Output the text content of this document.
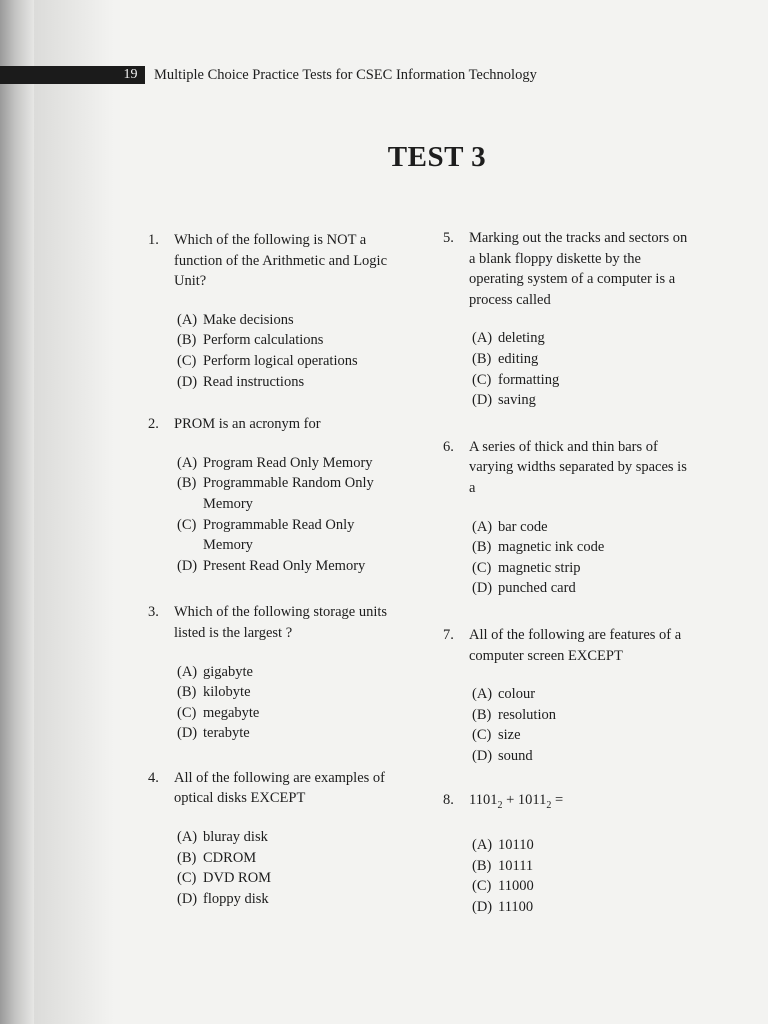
19	Multiple Choice Practice Tests for CSEC Information Technology
TEST 3
1. Which of the following is NOT a function of the Arithmetic and Logic Unit?
(A) Make decisions
(B) Perform calculations
(C) Perform logical operations
(D) Read instructions
2. PROM is an acronym for
(A) Program Read Only Memory
(B) Programmable Random Only Memory
(C) Programmable Read Only Memory
(D) Present Read Only Memory
3. Which of the following storage units listed is the largest ?
(A) gigabyte
(B) kilobyte
(C) megabyte
(D) terabyte
4. All of the following are examples of optical disks EXCEPT
(A) bluray disk
(B) CDROM
(C) DVD ROM
(D) floppy disk
5. Marking out the tracks and sectors on a blank floppy diskette by the operating system of a computer is a process called
(A) deleting
(B) editing
(C) formatting
(D) saving
6. A series of thick and thin bars of varying widths separated by spaces is a
(A) bar code
(B) magnetic ink code
(C) magnetic strip
(D) punched card
7. All of the following are features of a computer screen EXCEPT
(A) colour
(B) resolution
(C) size
(D) sound
8. $1101_2 + 1011_2$ =
(A) 10110
(B) 10111
(C) 11000
(D) 11100
